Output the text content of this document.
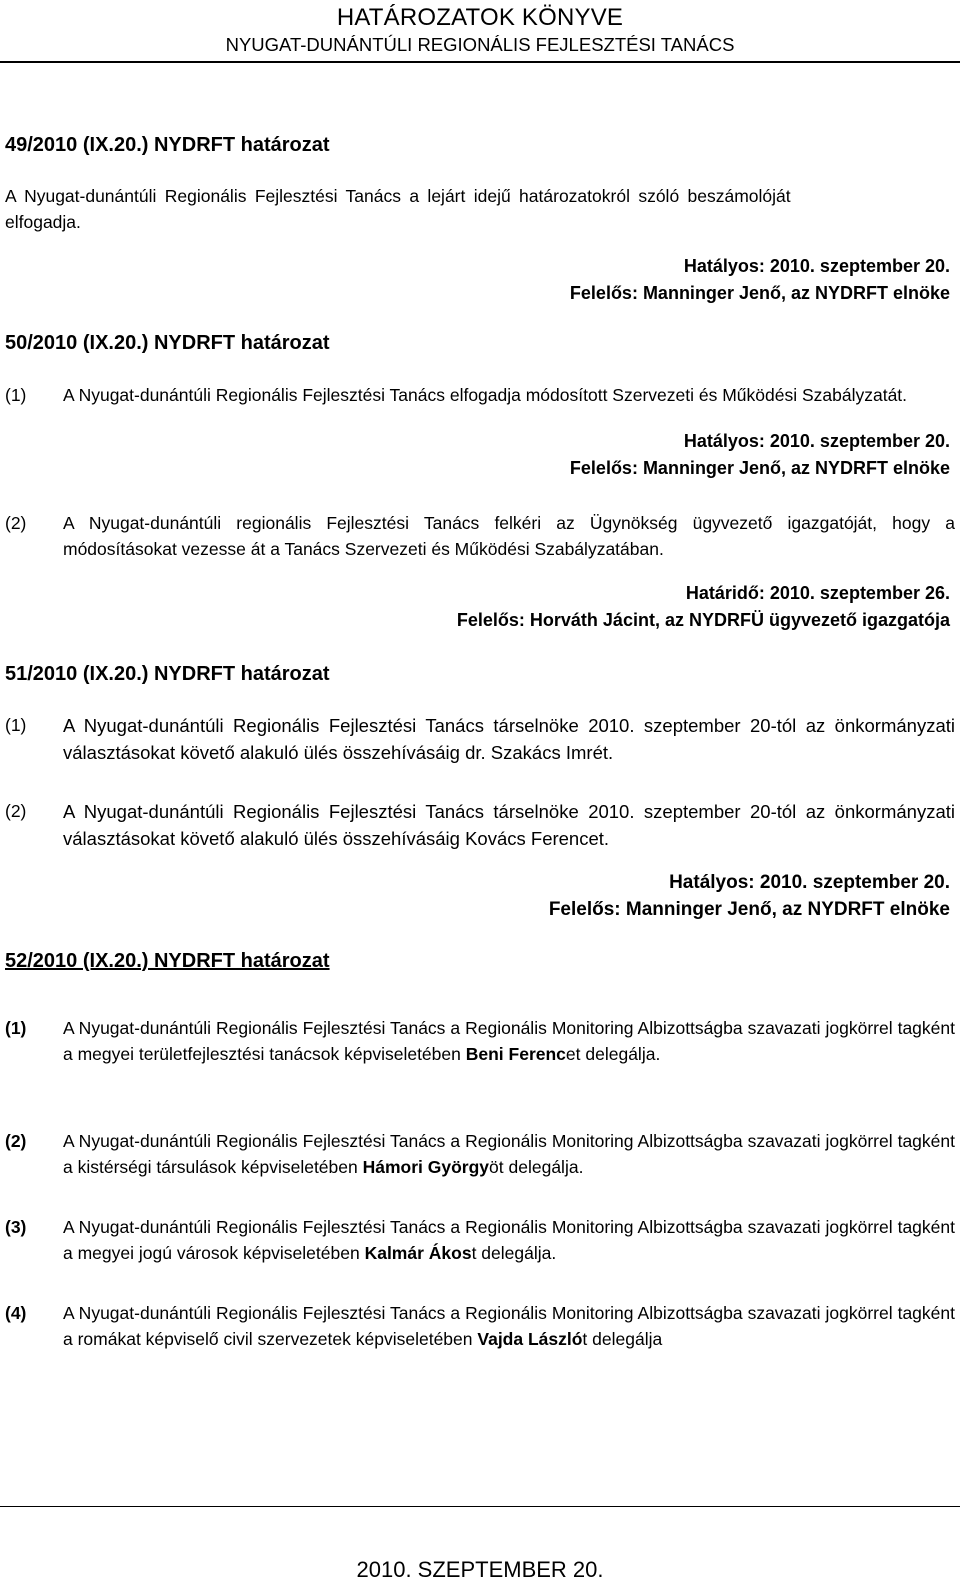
HATÁROZATOK KÖNYVE
NYUGAT-DUNÁNTÚLI REGIONÁLIS FEJLESZTÉSI TANÁCS
49/2010 (IX.20.) NYDRFT határozat
A Nyugat-dunántúli Regionális Fejlesztési Tanács a lejárt idejű határozatokról szóló beszámolóját
elfogadja.
Hatályos: 2010. szeptember 20.
Felelős: Manninger Jenő, az NYDRFT elnöke
50/2010 (IX.20.) NYDRFT határozat
(1) A Nyugat-dunántúli Regionális Fejlesztési Tanács elfogadja módosított Szervezeti és Működési Szabályzatát.
Hatályos: 2010. szeptember 20.
Felelős: Manninger Jenő, az NYDRFT elnöke
(2) A Nyugat-dunántúli regionális Fejlesztési Tanács felkéri az Ügynökség ügyvezető igazgatóját, hogy a módosításokat vezesse át a Tanács Szervezeti és Működési Szabályzatában.
Határidő: 2010. szeptember 26.
Felelős: Horváth Jácint, az NYDRFÜ ügyvezető igazgatója
51/2010 (IX.20.) NYDRFT határozat
(1) A Nyugat-dunántúli Regionális Fejlesztési Tanács társelnöke 2010. szeptember 20-tól az önkormányzati választásokat követő alakuló ülés összehívásáig dr. Szakács Imrét.
(2) A Nyugat-dunántúli Regionális Fejlesztési Tanács társelnöke 2010. szeptember 20-tól az önkormányzati választásokat követő alakuló ülés összehívásáig Kovács Ferencet.
Hatályos: 2010. szeptember 20.
Felelős: Manninger Jenő, az NYDRFT elnöke
52/2010 (IX.20.) NYDRFT határozat
(1) A Nyugat-dunántúli Regionális Fejlesztési Tanács a Regionális Monitoring Albizottságba szavazati jogkörrel tagként a megyei területfejlesztési tanácsok képviseletében Beni Ferencet delegálja.
(2) A Nyugat-dunántúli Regionális Fejlesztési Tanács a Regionális Monitoring Albizottságba szavazati jogkörrel tagként a kistérségi társulások képviseletében Hámori Györgyöt delegálja.
(3) A Nyugat-dunántúli Regionális Fejlesztési Tanács a Regionális Monitoring Albizottságba szavazati jogkörrel tagként a megyei jogú városok képviseletében Kalmár Ákost delegálja.
(4) A Nyugat-dunántúli Regionális Fejlesztési Tanács a Regionális Monitoring Albizottságba szavazati jogkörrel tagként a romákat képviselő civil szervezetek képviseletében Vajda Lászlót delegálja
2010. SZEPTEMBER 20.
